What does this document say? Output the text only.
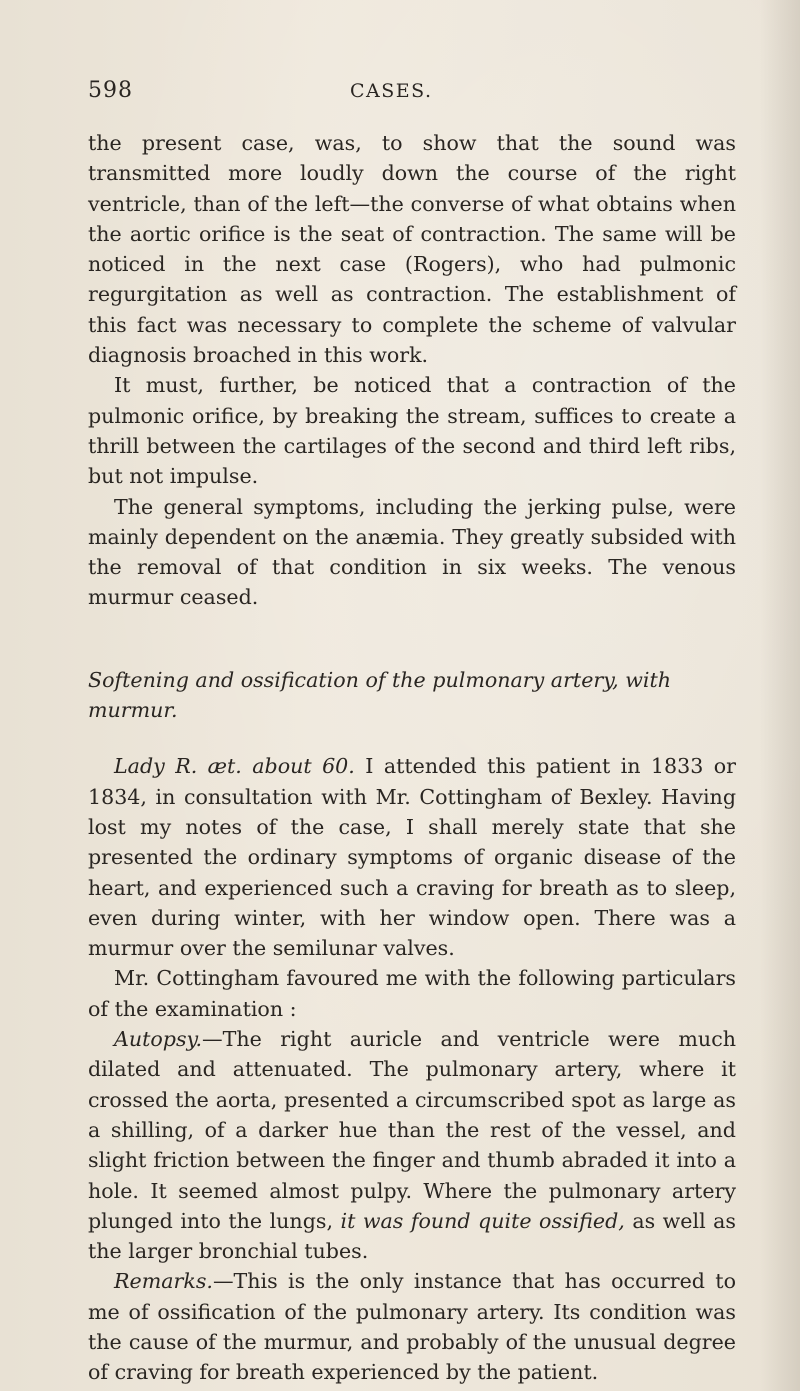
598	CASES.

the present case, was, to show that the sound was transmitted more loudly down the course of the right ventricle, than of the left—the converse of what obtains when the aortic orifice is the seat of contraction. The same will be noticed in the next case (Rogers), who had pulmonic regurgitation as well as contraction. The establishment of this fact was necessary to complete the scheme of valvular diagnosis broached in this work.

It must, further, be noticed that a contraction of the pulmonic orifice, by breaking the stream, suffices to create a thrill between the cartilages of the second and third left ribs, but not impulse.

The general symptoms, including the jerking pulse, were mainly dependent on the anæmia. They greatly subsided with the removal of that condition in six weeks. The venous murmur ceased.

Softening and ossification of the pulmonary artery, with murmur.

Lady R. æt. about 60. I attended this patient in 1833 or 1834, in consultation with Mr. Cottingham of Bexley. Having lost my notes of the case, I shall merely state that she presented the ordinary symptoms of organic disease of the heart, and experienced such a craving for breath as to sleep, even during winter, with her window open. There was a murmur over the semilunar valves.

Mr. Cottingham favoured me with the following particulars of the examination :

Autopsy.—The right auricle and ventricle were much dilated and attenuated. The pulmonary artery, where it crossed the aorta, presented a circumscribed spot as large as a shilling, of a darker hue than the rest of the vessel, and slight friction between the finger and thumb abraded it into a hole. It seemed almost pulpy. Where the pulmonary artery plunged into the lungs, it was found quite ossified, as well as the larger bronchial tubes.

Remarks.—This is the only instance that has occurred to me of ossification of the pulmonary artery. Its condition was the cause of the murmur, and probably of the unusual degree of craving for breath experienced by the patient.
